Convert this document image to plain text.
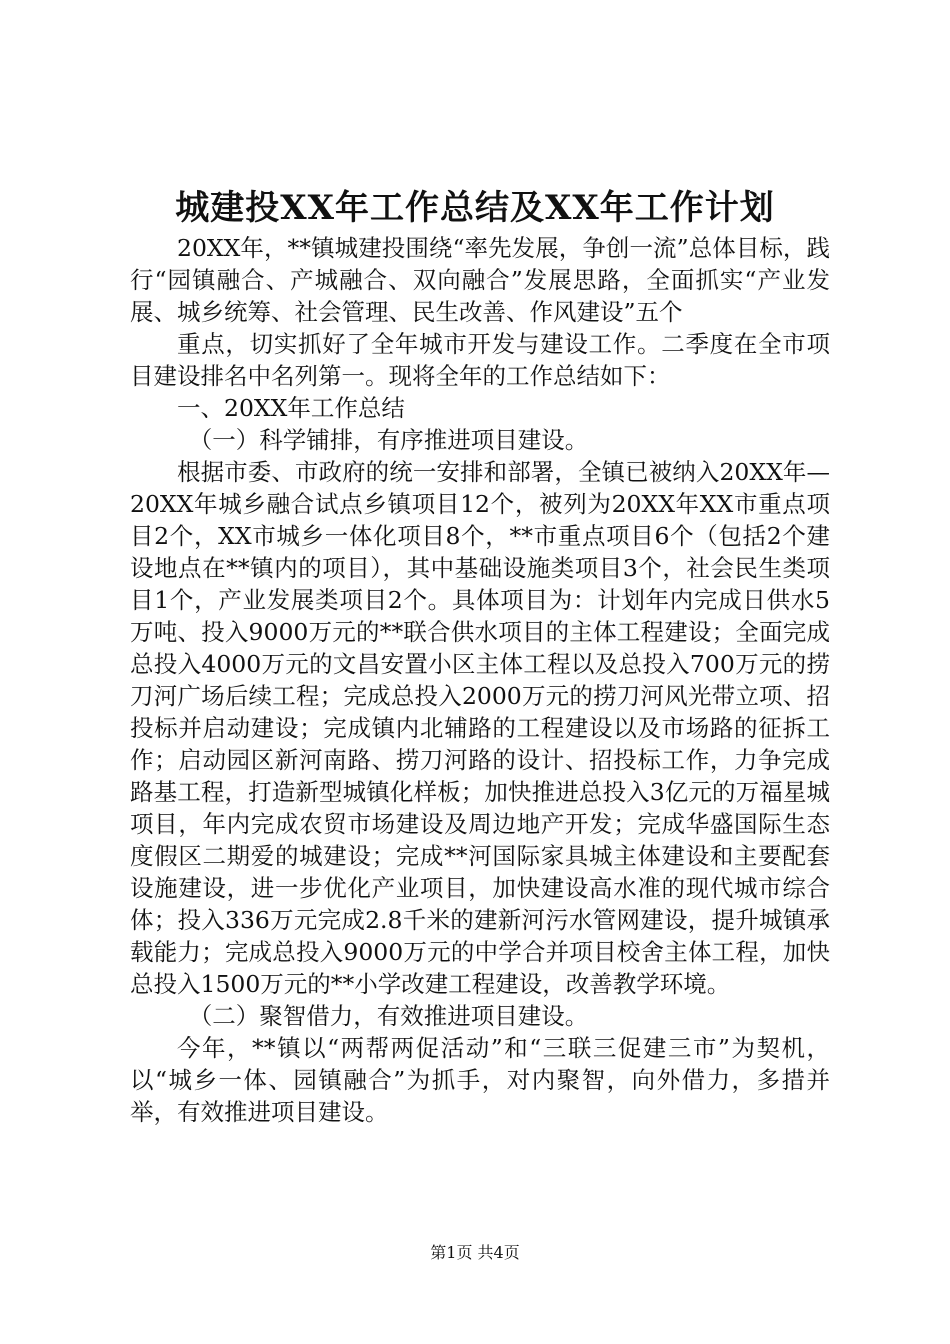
城建投XX年工作总结及XX年工作计划

20XX年，**镇城建投围绕“率先发展，争创一流”总体目标，践行“园镇融合、产城融合、双向融合”发展思路，全面抓实“产业发展、城乡统筹、社会管理、民生改善、作风建设”五个

重点，切实抓好了全年城市开发与建设工作。二季度在全市项目建设排名中名列第一。现将全年的工作总结如下：

一、20XX年工作总结

（一）科学铺排，有序推进项目建设。

根据市委、市政府的统一安排和部署，全镇已被纳入20XX年—20XX年城乡融合试点乡镇项目12个，被列为20XX年XX市重点项目2个，XX市城乡一体化项目8个，**市重点项目6个（包括2个建设地点在**镇内的项目），其中基础设施类项目3个，社会民生类项目1个，产业发展类项目2个。具体项目为：计划年内完成日供水5万吨、投入9000万元的**联合供水项目的主体工程建设；全面完成总投入4000万元的文昌安置小区主体工程以及总投入700万元的捞刀河广场后续工程；完成总投入2000万元的捞刀河风光带立项、招投标并启动建设；完成镇内北辅路的工程建设以及市场路的征拆工作；启动园区新河南路、捞刀河路的设计、招投标工作，力争完成路基工程，打造新型城镇化样板；加快推进总投入3亿元的万福星城项目，年内完成农贸市场建设及周边地产开发；完成华盛国际生态度假区二期爱的城建设；完成**河国际家具城主体建设和主要配套设施建设，进一步优化产业项目，加快建设高水准的现代城市综合体；投入336万元完成2.8千米的建新河污水管网建设，提升城镇承载能力；完成总投入9000万元的中学合并项目校舍主体工程，加快总投入1500万元的**小学改建工程建设，改善教学环境。

（二）聚智借力，有效推进项目建设。

今年，**镇以“两帮两促活动”和“三联三促建三市”为契机，以“城乡一体、园镇融合”为抓手，对内聚智，向外借力，多措并举，有效推进项目建设。

第1页 共4页
